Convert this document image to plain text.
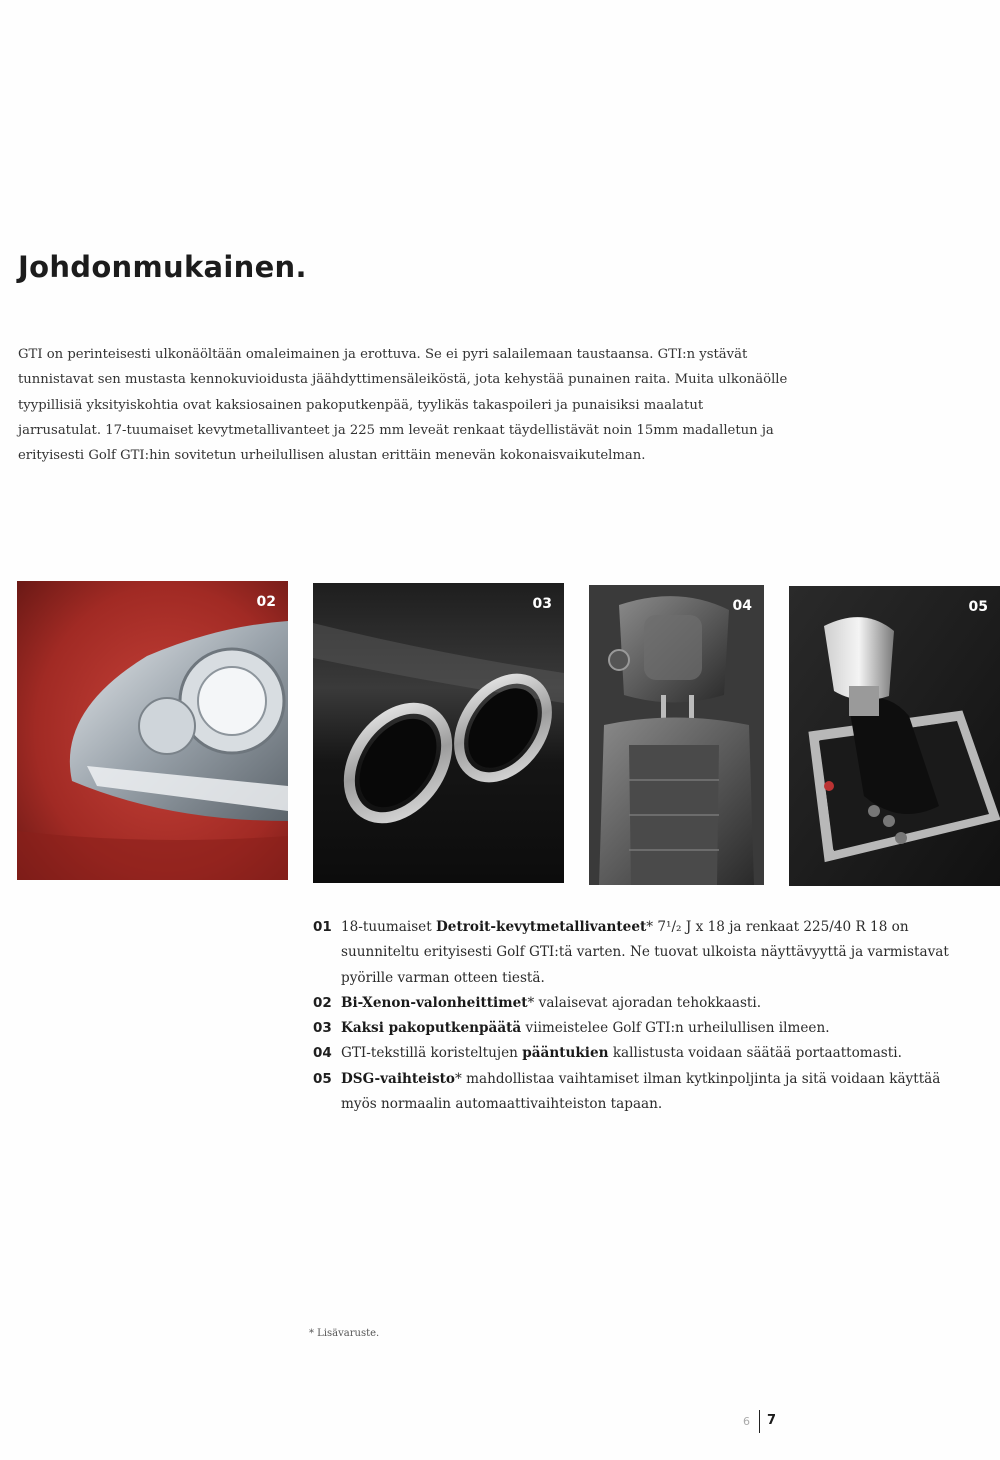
Johdonmukainen.

GTI on perinteisesti ulkonäöltään omaleimainen ja erottuva. Se ei pyri salailemaan taustaansa. GTI:n ystävät tunnistavat sen mustasta kennokuvioidusta jäähdyttimensäleiköstä, jota kehystää punainen raita. Muita ulkonäölle tyypillisiä yksityiskohtia ovat kaksiosainen pakoputkenpää, tyylikäs takaspoileri ja punaisiksi maalatut jarrusatulat. 17-tuumaiset kevytmetallivanteet ja 225 mm leveät renkaat täydellistävät noin 15mm madalletun ja erityisesti Golf GTI:hin sovitetun urheilullisen alustan erittäin menevän kokonaisvaikutelman.

02	03	04	05
01 18-tuumaiset Detroit-kevytmetallivanteet* 7¹/₂ J x 18 ja renkaat 225/40 R 18 on suunniteltu erityisesti Golf GTI:tä varten. Ne tuovat ulkoista näyttävyyttä ja varmistavat pyörille varman otteen tiestä.
02 Bi-Xenon-valonheittimet* valaisevat ajoradan tehokkaasti.
03 Kaksi pakoputkenpäätä viimeistelee Golf GTI:n urheilullisen ilmeen.
04 GTI-tekstillä koristeltujen pääntukien kallistusta voidaan säätää portaattomasti.
05 DSG-vaihteisto* mahdollistaa vaihtamiset ilman kytkinpoljinta ja sitä voidaan käyttää myös normaalin automaattivaihteiston tapaan.
* Lisävaruste.
6 7
